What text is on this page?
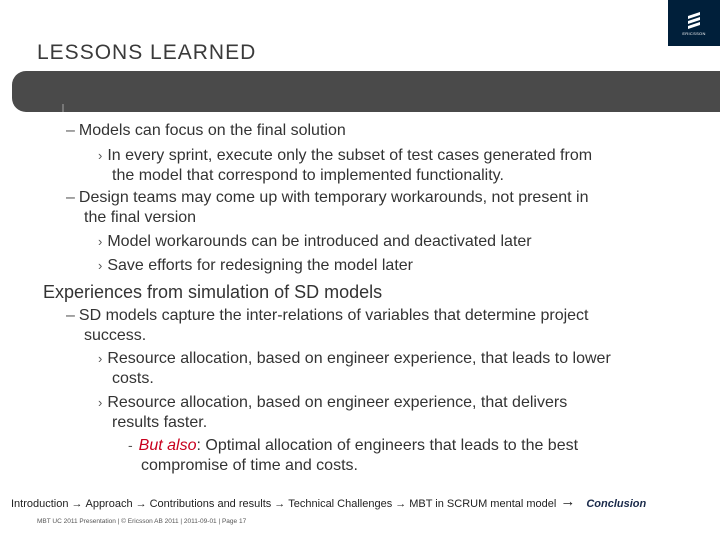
ERICSSON
LESSONS LEARNED
– Models can focus on the final solution
› In every sprint, execute only the subset of test cases generated from
the model that correspond to implemented functionality.
– Design teams may come up with temporary workarounds, not present in
the final version
› Model workarounds can be introduced and deactivated later
› Save efforts for redesigning the model later
Experiences from simulation of SD models
– SD models capture the inter-relations of variables that determine project
success.
› Resource allocation, based on engineer experience, that leads to lower
costs.
› Resource allocation, based on engineer experience, that delivers
results faster.
- But also: Optimal allocation of engineers that leads to the best
compromise of time and costs.
Introduction → Approach → Contributions and results → Technical Challenges → MBT in SCRUM mental model → Conclusion
MBT UC 2011 Presentation | © Ericsson AB 2011 | 2011-09-01 | Page 17
